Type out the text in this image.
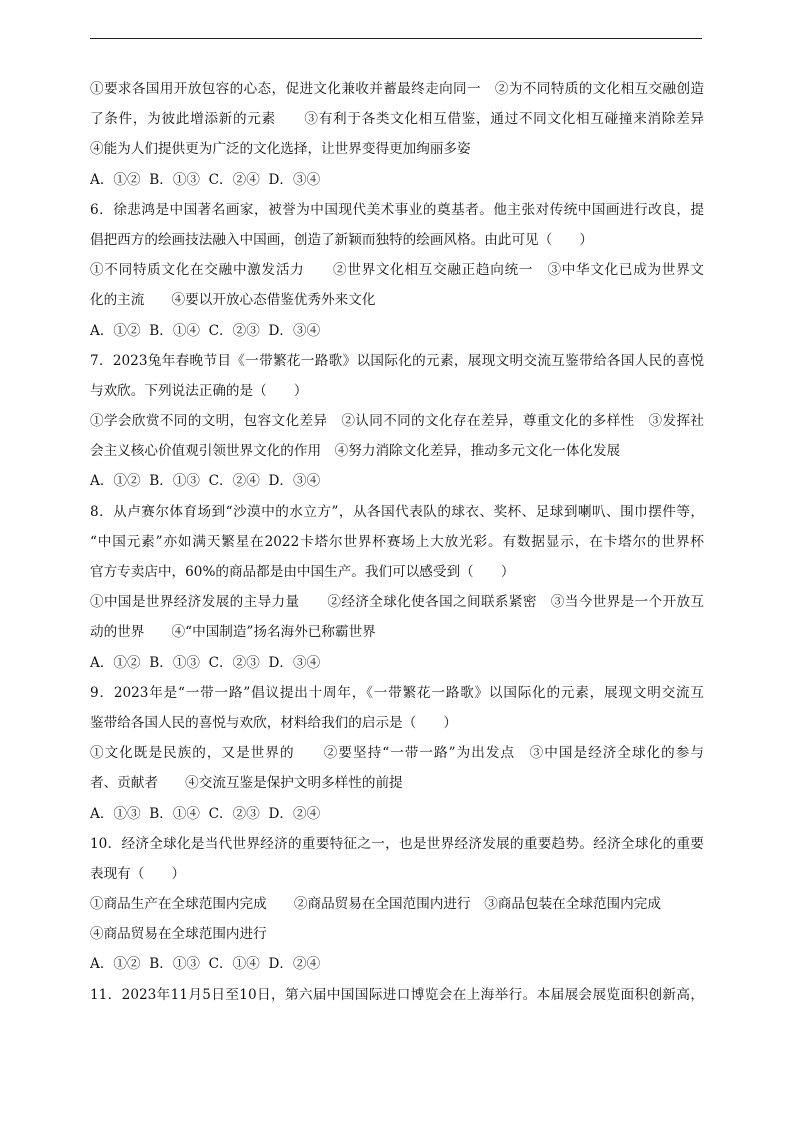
①要求各国用开放包容的心态，促进文化兼收并蓄最终走向同一　②为不同特质的文化相互交融创造
了条件，为彼此增添新的元素　　③有利于各类文化相互借鉴，通过不同文化相互碰撞来消除差异
④能为人们提供更为广泛的文化选择，让世界变得更加绚丽多姿
A．①②  B．①③  C．②④  D．③④
6．徐悲鸿是中国著名画家，被誉为中国现代美术事业的奠基者。他主张对传统中国画进行改良，提
倡把西方的绘画技法融入中国画，创造了新颖而独特的绘画风格。由此可见（　　）
①不同特质文化在交融中激发活力　　②世界文化相互交融正趋向统一　③中华文化已成为世界文
化的主流　　④要以开放心态借鉴优秀外来文化
A．①②  B．①④  C．②③  D．③④
7．2023兔年春晚节目《一带繁花一路歌》以国际化的元素，展现文明交流互鉴带给各国人民的喜悦
与欢欣。下列说法正确的是（　　）
①学会欣赏不同的文明，包容文化差异　②认同不同的文化存在差异，尊重文化的多样性　③发挥社
会主义核心价值观引领世界文化的作用　④努力消除文化差异，推动多元文化一体化发展
A．①②  B．①③  C．②④  D．③④
8．从卢赛尔体育场到“沙漠中的水立方”，从各国代表队的球衣、奖杯、足球到喇叭、围巾摆件等，
“中国元素”亦如满天繁星在2022卡塔尔世界杯赛场上大放光彩。有数据显示，在卡塔尔的世界杯
官方专卖店中，60%的商品都是由中国生产。我们可以感受到（　　）
①中国是世界经济发展的主导力量　　②经济全球化使各国之间联系紧密　③当今世界是一个开放互
动的世界　　④“中国制造”扬名海外已称霸世界
A．①②  B．①③  C．②③  D．③④
9．2023年是“一带一路”倡议提出十周年，《一带繁花一路歌》以国际化的元素，展现文明交流互
鉴带给各国人民的喜悦与欢欣，材料给我们的启示是（　　）
①文化既是民族的，又是世界的　　②要坚持“一带一路”为出发点　③中国是经济全球化的参与
者、贡献者　　④交流互鉴是保护文明多样性的前提
A．①③  B．①④  C．②③  D．②④
10．经济全球化是当代世界经济的重要特征之一，也是世界经济发展的重要趋势。经济全球化的重要
表现有（　　）
①商品生产在全球范围内完成　　②商品贸易在全国范围内进行　③商品包装在全球范围内完成
④商品贸易在全球范围内进行
A．①②  B．①③  C．①④  D．②④
11．2023年11月5日至10日，第六届中国国际进口博览会在上海举行。本届展会展览面积创新高，
